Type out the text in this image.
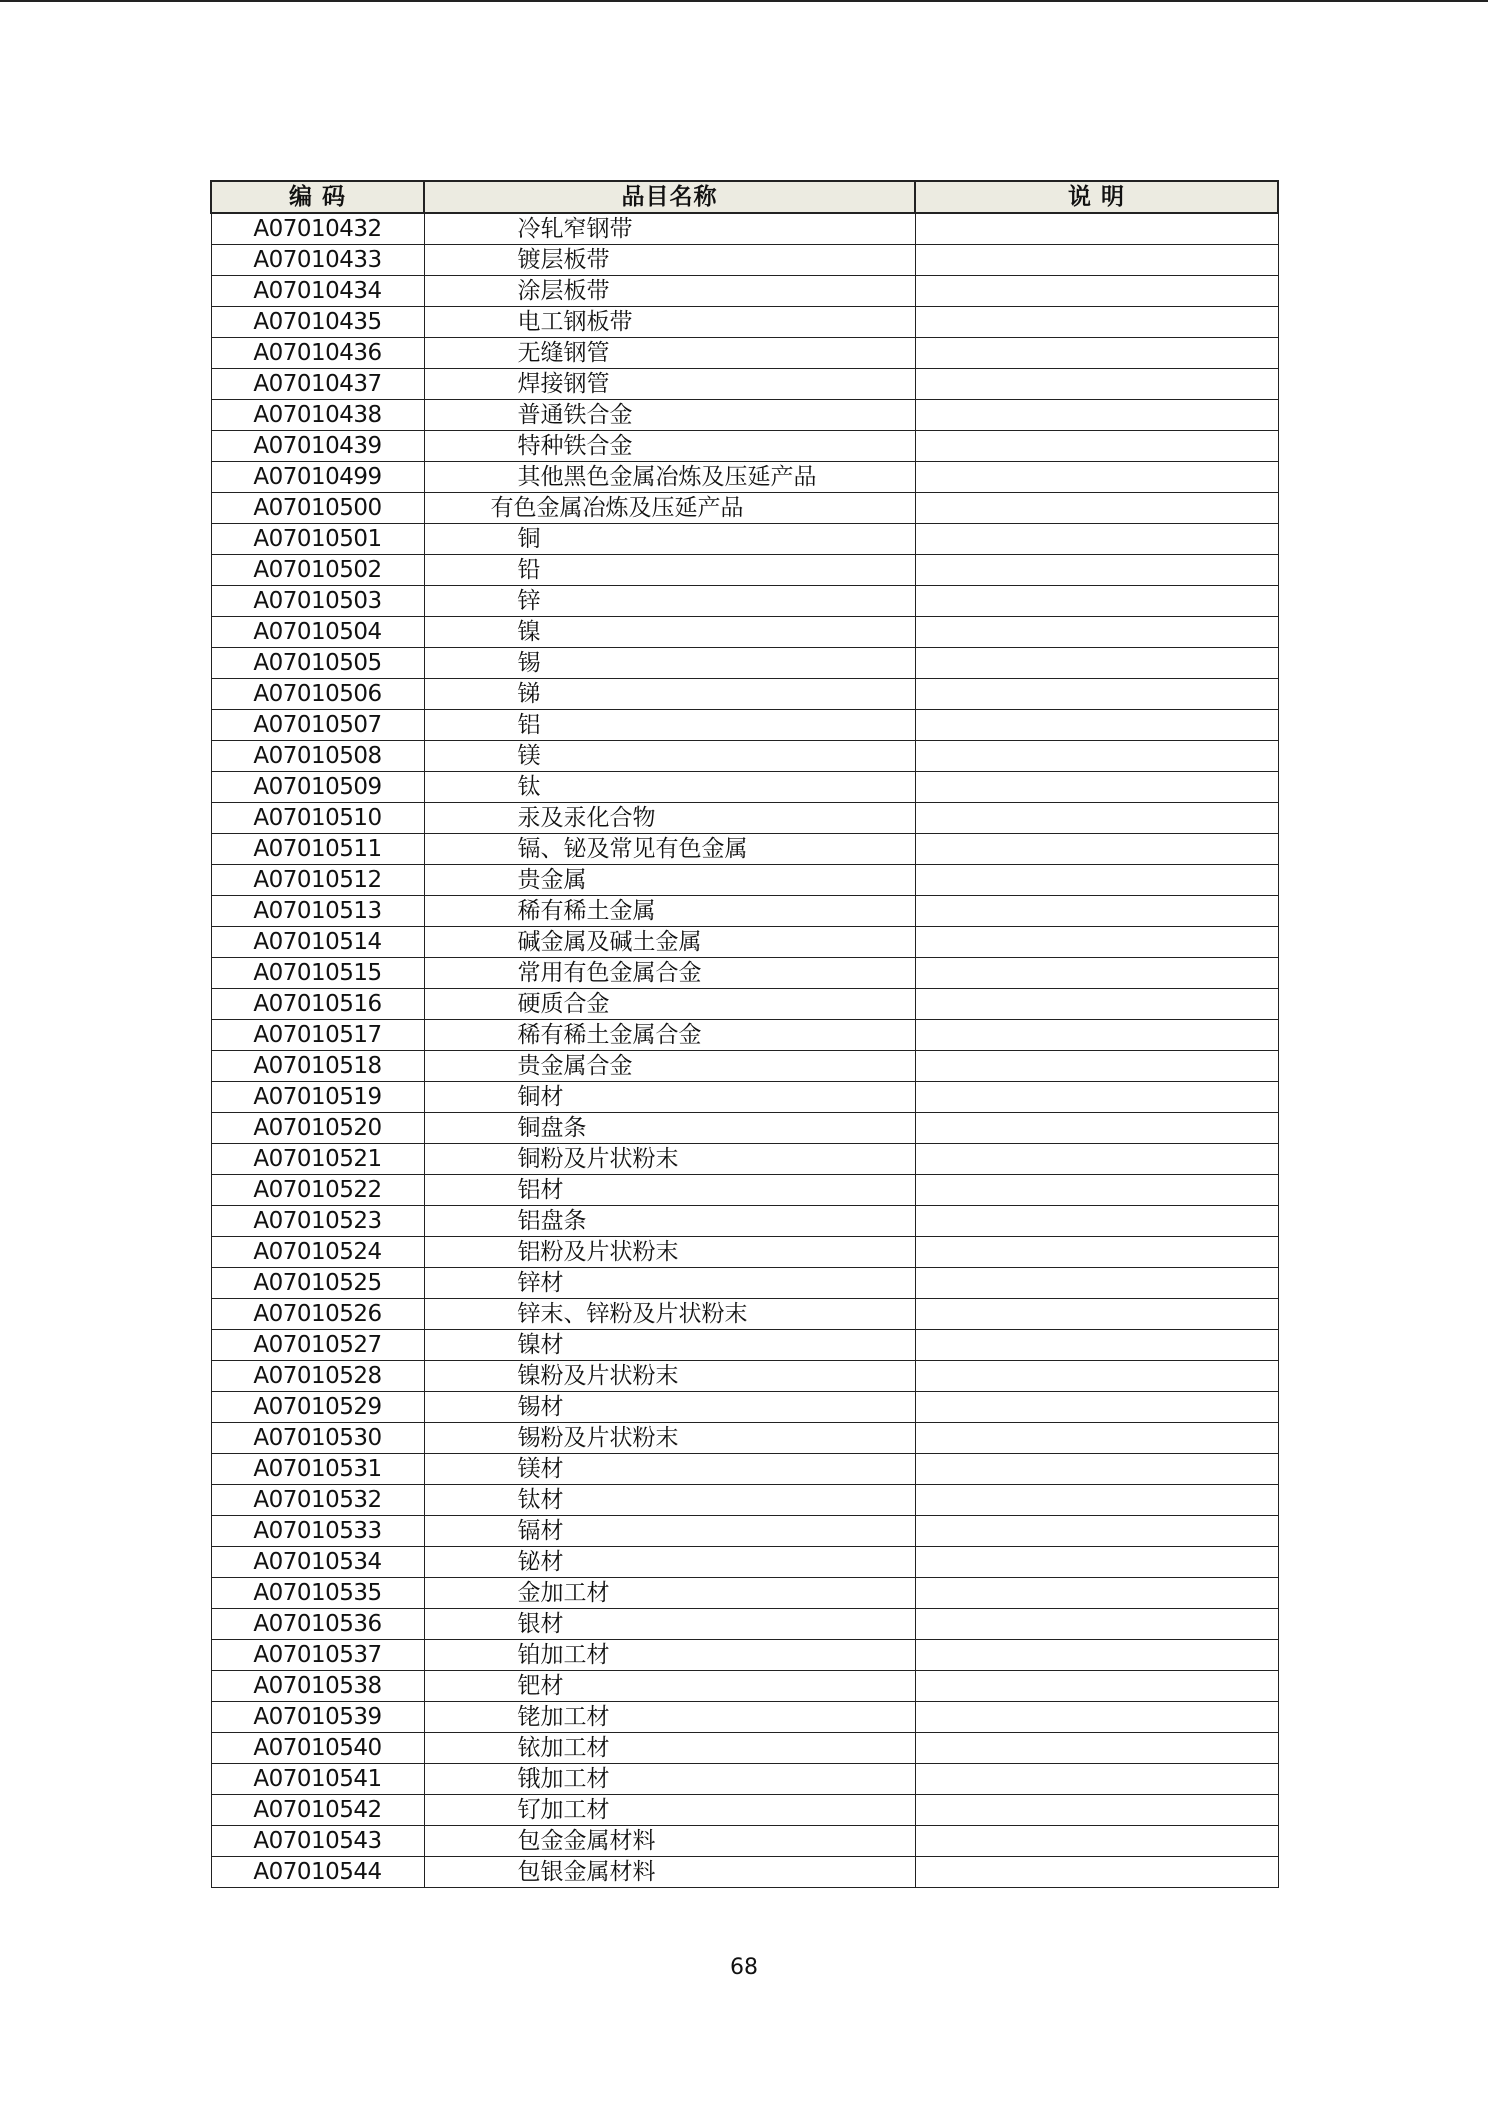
编 码	品目名称	说 明
A07010432	冷轧窄钢带	
A07010433	镀层板带	
A07010434	涂层板带	
A07010435	电工钢板带	
A07010436	无缝钢管	
A07010437	焊接钢管	
A07010438	普通铁合金	
A07010439	特种铁合金	
A07010499	其他黑色金属冶炼及压延产品	
A07010500	有色金属冶炼及压延产品	
A07010501	铜	
A07010502	铅	
A07010503	锌	
A07010504	镍	
A07010505	锡	
A07010506	锑	
A07010507	铝	
A07010508	镁	
A07010509	钛	
A07010510	汞及汞化合物	
A07010511	镉、铋及常见有色金属	
A07010512	贵金属	
A07010513	稀有稀土金属	
A07010514	碱金属及碱土金属	
A07010515	常用有色金属合金	
A07010516	硬质合金	
A07010517	稀有稀土金属合金	
A07010518	贵金属合金	
A07010519	铜材	
A07010520	铜盘条	
A07010521	铜粉及片状粉末	
A07010522	铝材	
A07010523	铝盘条	
A07010524	铝粉及片状粉末	
A07010525	锌材	
A07010526	锌末、锌粉及片状粉末	
A07010527	镍材	
A07010528	镍粉及片状粉末	
A07010529	锡材	
A07010530	锡粉及片状粉末	
A07010531	镁材	
A07010532	钛材	
A07010533	镉材	
A07010534	铋材	
A07010535	金加工材	
A07010536	银材	
A07010537	铂加工材	
A07010538	钯材	
A07010539	铑加工材	
A07010540	铱加工材	
A07010541	锇加工材	
A07010542	钌加工材	
A07010543	包金金属材料	
A07010544	包银金属材料	
68
